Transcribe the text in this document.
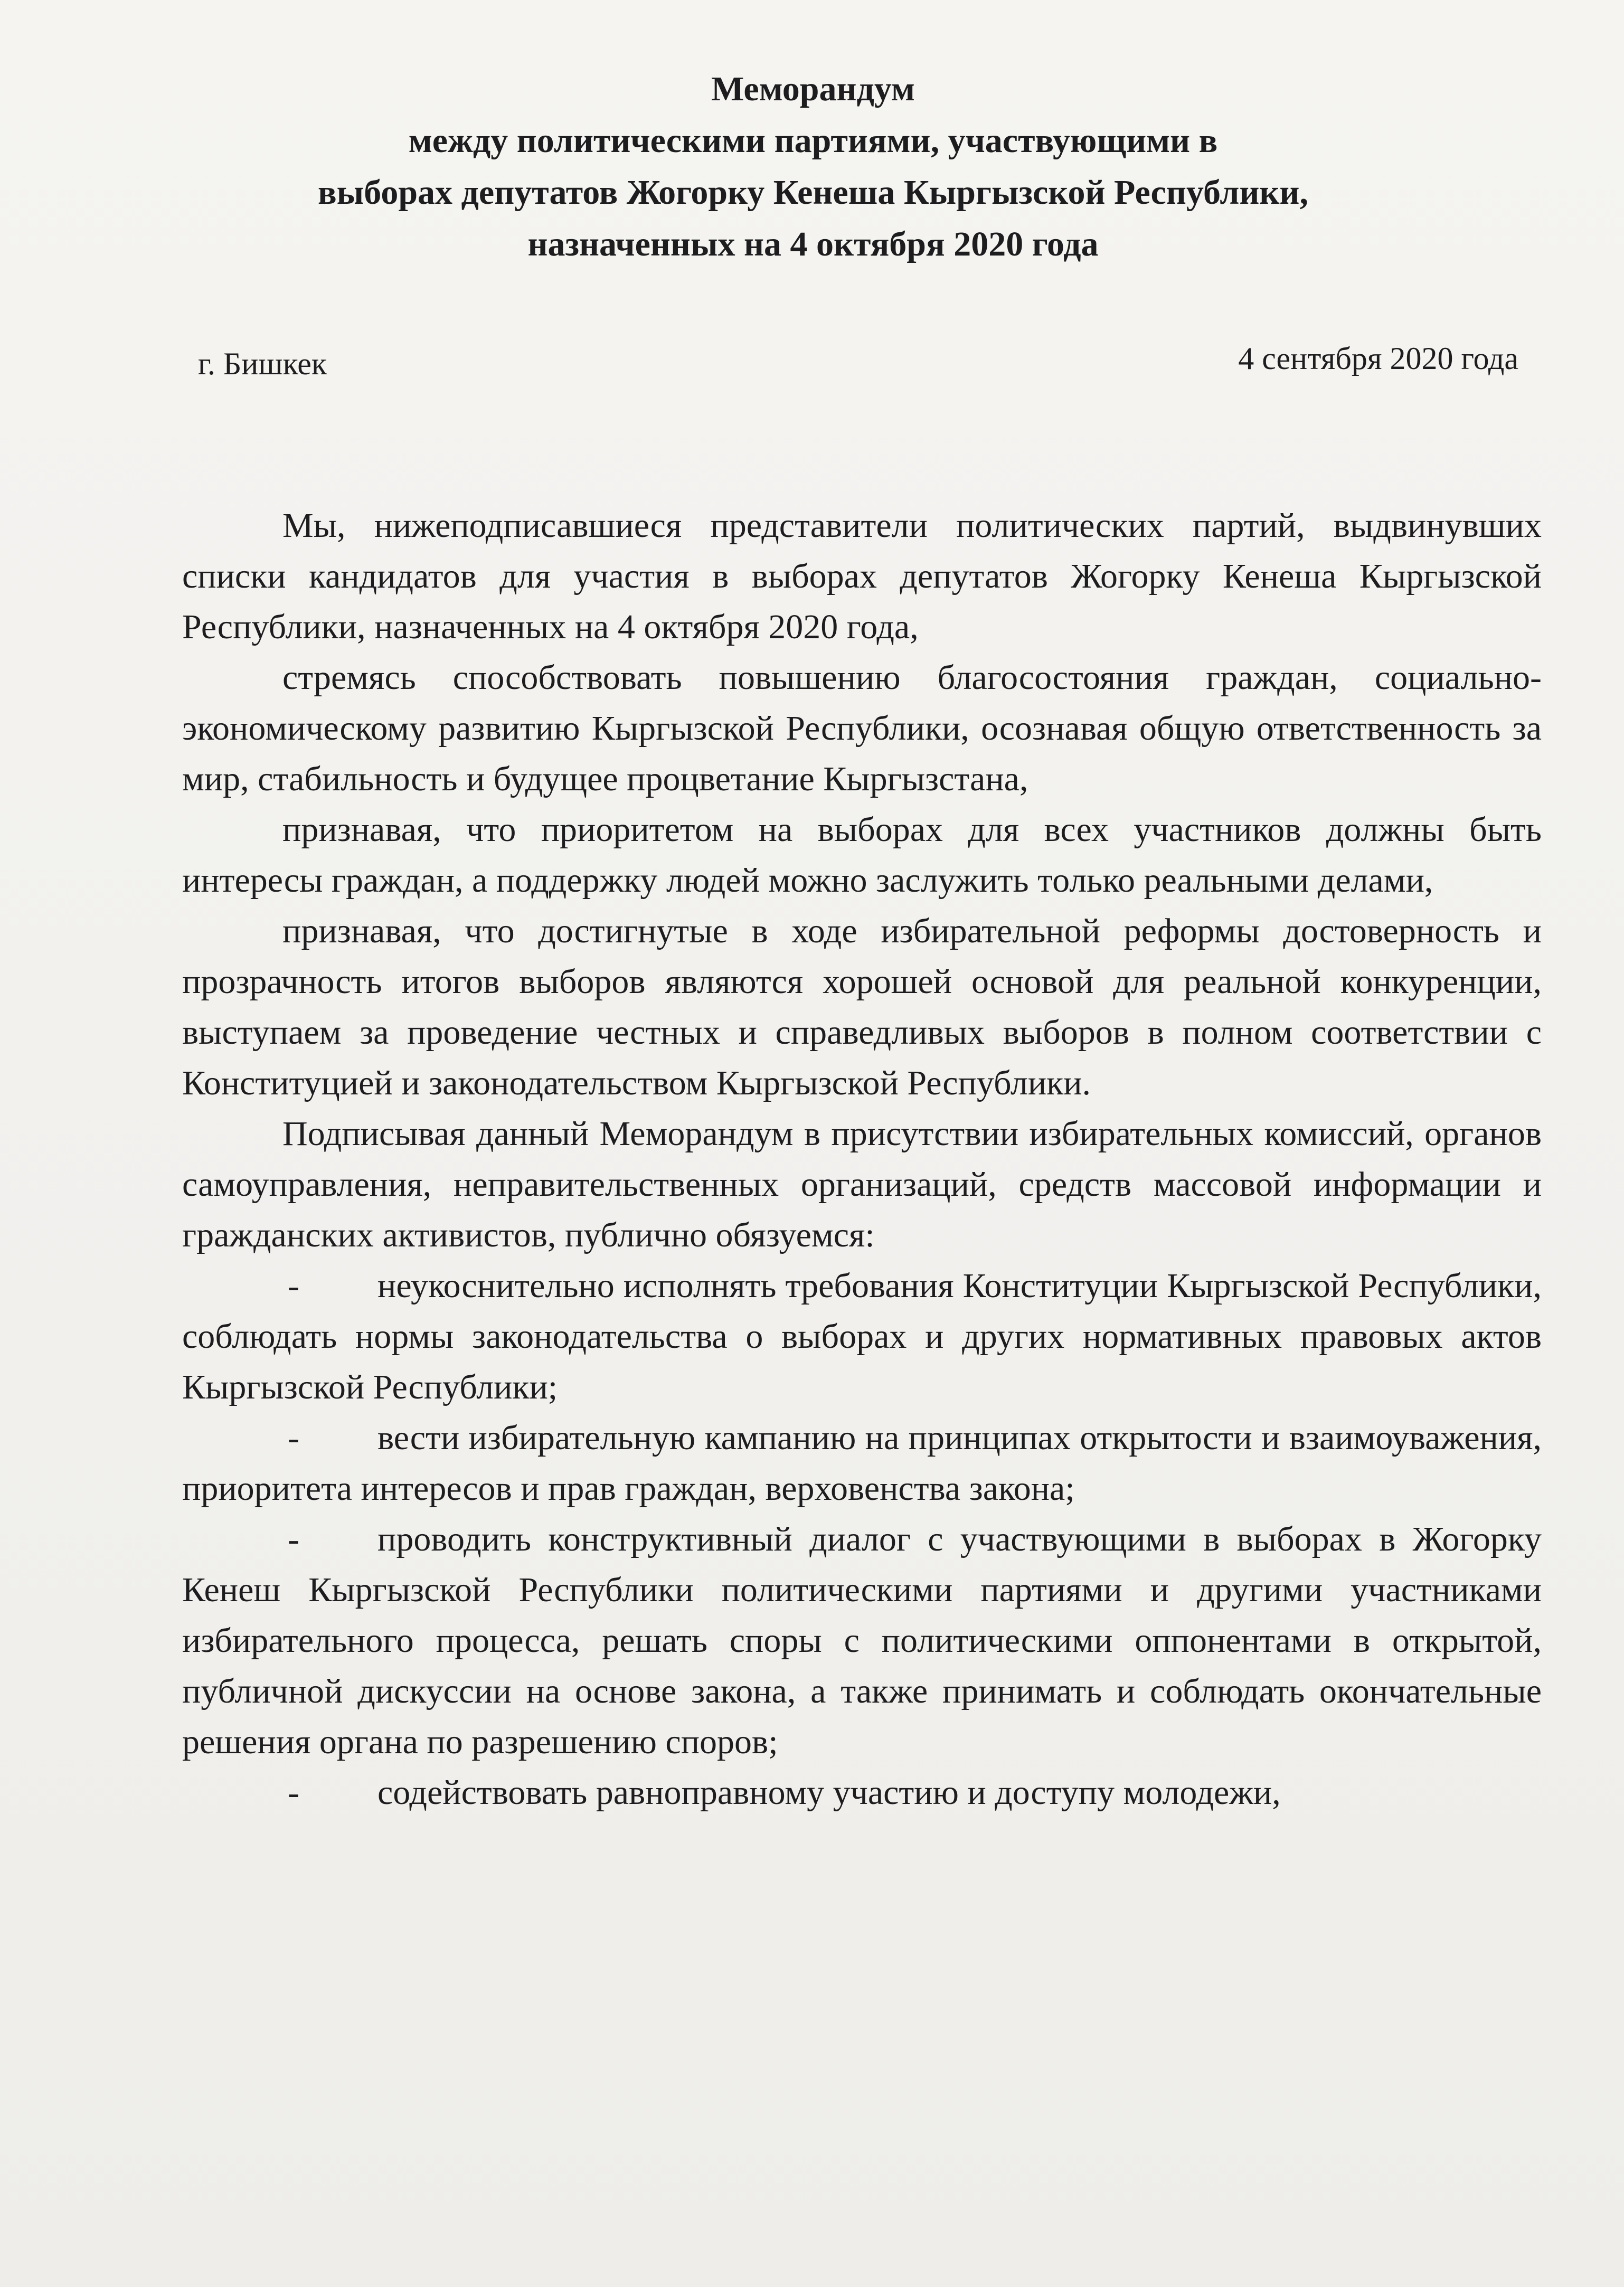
Меморандум
между политическими партиями, участвующими в
выборах депутатов Жогорку Кенеша Кыргызской Республики,
назначенных на 4 октября 2020 года
г. Бишкек	4 сентября 2020 года

Мы, нижеподписавшиеся представители политических партий, выдвинувших списки кандидатов для участия в выборах депутатов Жогорку Кенеша Кыргызской Республики, назначенных на 4 октября 2020 года,

стремясь способствовать повышению благосостояния граждан, социально-экономическому развитию Кыргызской Республики, осознавая общую ответственность за мир, стабильность и будущее процветание Кыргызстана,

признавая, что приоритетом на выборах для всех участников должны быть интересы граждан, а поддержку людей можно заслужить только реальными делами,

признавая, что достигнутые в ходе избирательной реформы достоверность и прозрачность итогов выборов являются хорошей основой для реальной конкуренции, выступаем за проведение честных и справедливых выборов в полном соответствии с Конституцией и законодательством Кыргызской Республики.

Подписывая данный Меморандум в присутствии избирательных комиссий, органов самоуправления, неправительственных организаций, средств массовой информации и гражданских активистов, публично обязуемся:

- неукоснительно исполнять требования Конституции Кыргызской Республики, соблюдать нормы законодательства о выборах и других нормативных правовых актов Кыргызской Республики;
- вести избирательную кампанию на принципах открытости и взаимоуважения, приоритета интересов и прав граждан, верховенства закона;
- проводить конструктивный диалог с участвующими в выборах в Жогорку Кенеш Кыргызской Республики политическими партиями и другими участниками избирательного процесса, решать споры с политическими оппонентами в открытой, публичной дискуссии на основе закона, а также принимать и соблюдать окончательные решения органа по разрешению споров;
- содействовать равноправному участию и доступу молодежи,
